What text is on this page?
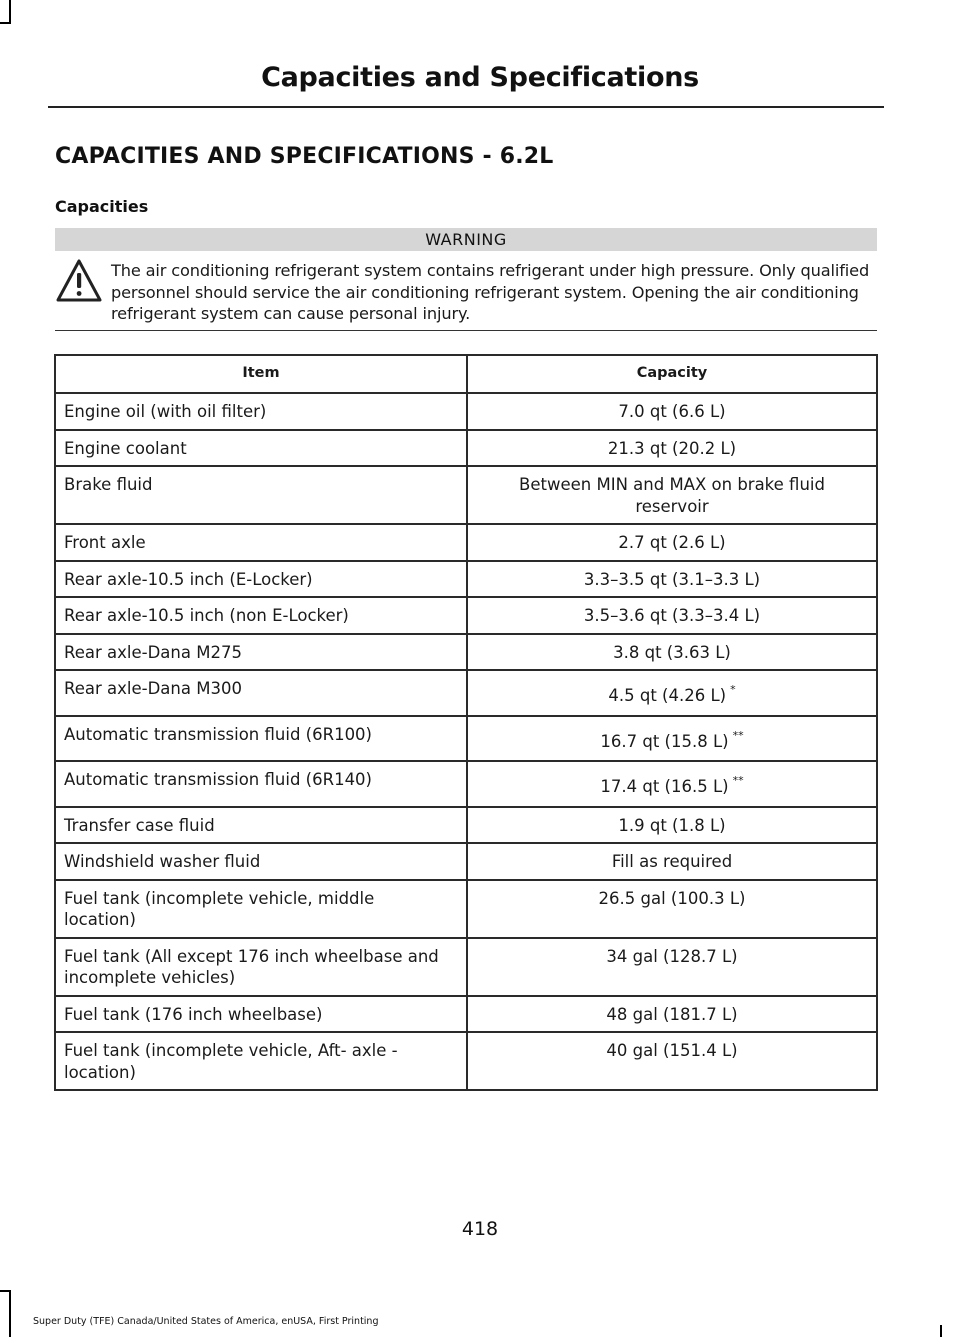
Capacities and Specifications
CAPACITIES AND SPECIFICATIONS - 6.2L
Capacities
WARNING
The air conditioning refrigerant system contains refrigerant under high pressure. Only qualified personnel should service the air conditioning refrigerant system. Opening the air conditioning refrigerant system can cause personal injury.
Item	Capacity
Engine oil (with oil filter)	7.0 qt (6.6 L)
Engine coolant	21.3 qt (20.2 L)
Brake fluid	Between MIN and MAX on brake fluid reservoir
Front axle	2.7 qt (2.6 L)
Rear axle-10.5 inch (E-Locker)	3.3–3.5 qt (3.1–3.3 L)
Rear axle-10.5 inch (non E-Locker)	3.5–3.6 qt (3.3–3.4 L)
Rear axle-Dana M275	3.8 qt (3.63 L)
Rear axle-Dana M300	4.5 qt (4.26 L) *
Automatic transmission fluid (6R100)	16.7 qt (15.8 L) **
Automatic transmission fluid (6R140)	17.4 qt (16.5 L) **
Transfer case fluid	1.9 qt (1.8 L)
Windshield washer fluid	Fill as required
Fuel tank (incomplete vehicle, middle location)	26.5 gal (100.3 L)
Fuel tank (All except 176 inch wheelbase and incomplete vehicles)	34 gal (128.7 L)
Fuel tank (176 inch wheelbase)	48 gal (181.7 L)
Fuel tank (incomplete vehicle, Aft- axle - location)	40 gal (151.4 L)
418
Super Duty (TFE) Canada/United States of America, enUSA, First Printing
